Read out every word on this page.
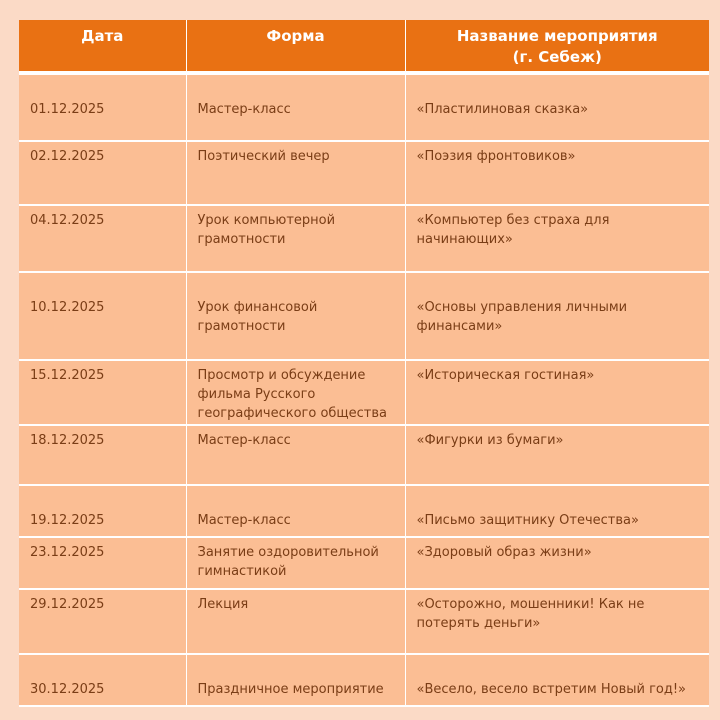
Дата	Форма	Название мероприятия
(г. Себеж)

01.12.2025	Мастер-класс	«Пластилиновая сказка»
02.12.2025	Поэтический вечер	«Поэзия фронтовиков»
04.12.2025	Урок компьютерной грамотности	«Компьютер без страха для начинающих»
10.12.2025	Урок финансовой грамотности	«Основы управления личными финансами»
15.12.2025	Просмотр и обсуждение фильма Русского географического общества	«Историческая гостиная»
18.12.2025	Мастер-класс	«Фигурки из бумаги»
19.12.2025	Мастер-класс	«Письмо защитнику Отечества»
23.12.2025	Занятие оздоровительной гимнастикой	«Здоровый образ жизни»
29.12.2025	Лекция	«Осторожно, мошенники! Как не потерять деньги»
30.12.2025	Праздничное мероприятие	«Весело, весело встретим Новый год!»
